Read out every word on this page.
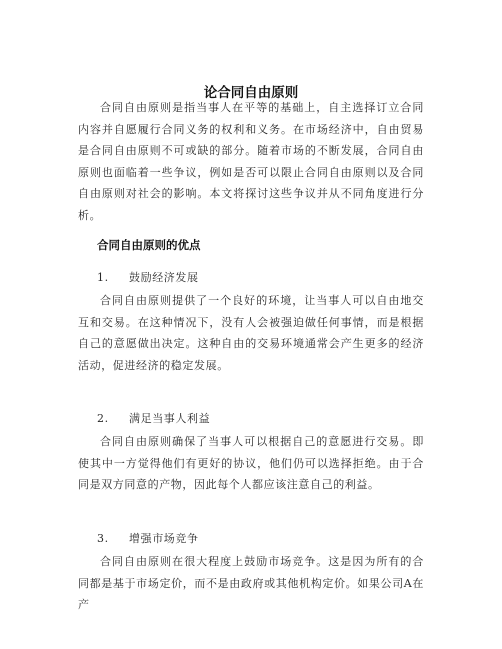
论合同自由原则

合同自由原则是指当事人在平等的基础上，自主选择订立合同内容并自愿履行合同义务的权利和义务。在市场经济中，自由贸易是合同自由原则不可或缺的部分。随着市场的不断发展，合同自由原则也面临着一些争议，例如是否可以限止合同自由原则以及合同自由原则对社会的影响。本文将探讨这些争议并从不同角度进行分析。

合同自由原则的优点
1. 鼓励经济发展

合同自由原则提供了一个良好的环境，让当事人可以自由地交互和交易。在这种情况下，没有人会被强迫做任何事情，而是根据自己的意愿做出决定。这种自由的交易环境通常会产生更多的经济活动，促进经济的稳定发展。

2. 满足当事人利益

合同自由原则确保了当事人可以根据自己的意愿进行交易。即使其中一方觉得他们有更好的协议，他们仍可以选择拒绝。由于合同是双方同意的产物，因此每个人都应该注意自己的利益。

3. 增强市场竞争

合同自由原则在很大程度上鼓励市场竞争。这是因为所有的合同都是基于市场定价，而不是由政府或其他机构定价。如果公司A在产
